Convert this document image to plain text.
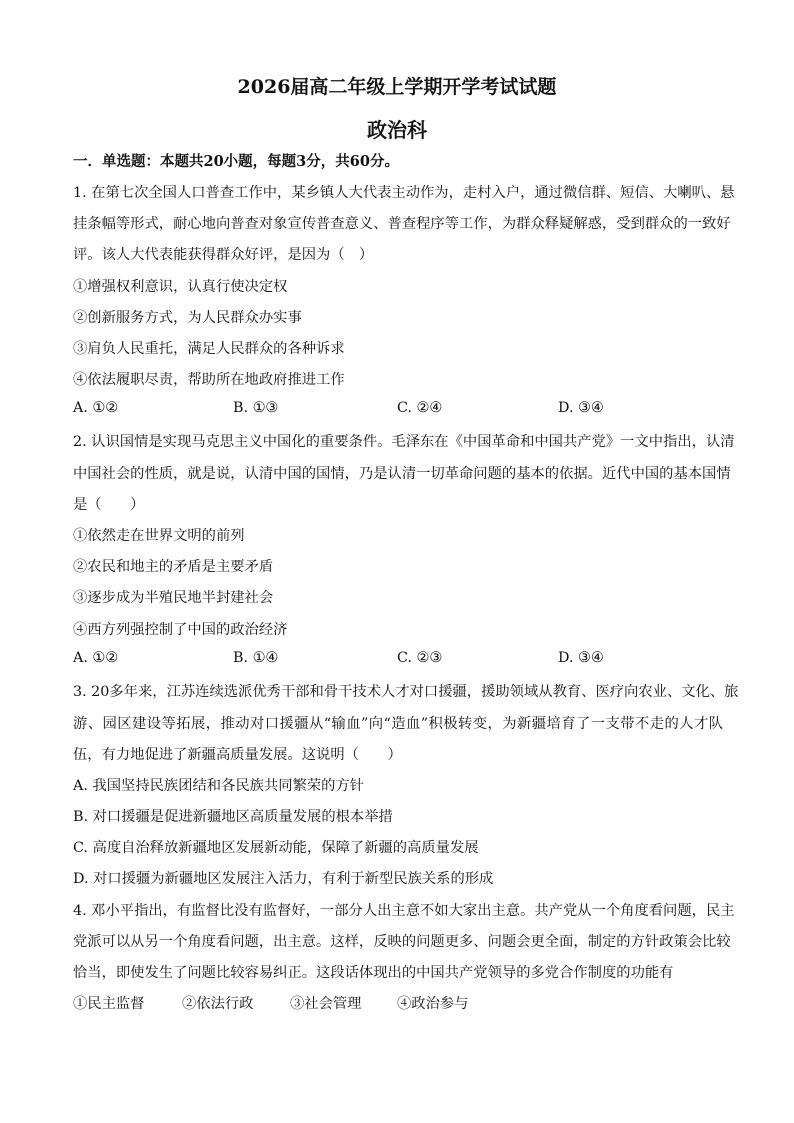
2026届高二年级上学期开学考试试题
政治科
一．单选题：本题共20小题，每题3分，共60分。
1. 在第七次全国人口普查工作中，某乡镇人大代表主动作为，走村入户，通过微信群、短信、大喇叭、悬
挂条幅等形式，耐心地向普查对象宣传普查意义、普查程序等工作，为群众释疑解惑，受到群众的一致好
评。该人大代表能获得群众好评，是因为（　）
①增强权利意识，认真行使决定权
②创新服务方式，为人民群众办实事
③肩负人民重托，满足人民群众的各种诉求
④依法履职尽责，帮助所在地政府推进工作
A. ①②	B. ①③	C. ②④	D. ③④
2. 认识国情是实现马克思主义中国化的重要条件。毛泽东在《中国革命和中国共产党》一文中指出，认清
中国社会的性质，就是说，认清中国的国情，乃是认清一切革命问题的基本的依据。近代中国的基本国情
是（　　）
①依然走在世界文明的前列
②农民和地主的矛盾是主要矛盾
③逐步成为半殖民地半封建社会
④西方列强控制了中国的政治经济
A. ①②	B. ①④	C. ②③	D. ③④
3. 20多年来，江苏连续选派优秀干部和骨干技术人才对口援疆，援助领域从教育、医疗向农业、文化、旅
游、园区建设等拓展，推动对口援疆从“输血”向“造血”积极转变，为新疆培育了一支带不走的人才队
伍，有力地促进了新疆高质量发展。这说明（　　）
A. 我国坚持民族团结和各民族共同繁荣的方针
B. 对口援疆是促进新疆地区高质量发展的根本举措
C. 高度自治释放新疆地区发展新动能，保障了新疆的高质量发展
D. 对口援疆为新疆地区发展注入活力，有利于新型民族关系的形成
4. 邓小平指出，有监督比没有监督好，一部分人出主意不如大家出主意。共产党从一个角度看问题，民主
党派可以从另一个角度看问题，出主意。这样，反映的问题更多、问题会更全面，制定的方针政策会比较
恰当，即使发生了问题比较容易纠正。这段话体现出的中国共产党领导的多党合作制度的功能有
①民主监督	②依法行政	③社会管理 ④政治参与
